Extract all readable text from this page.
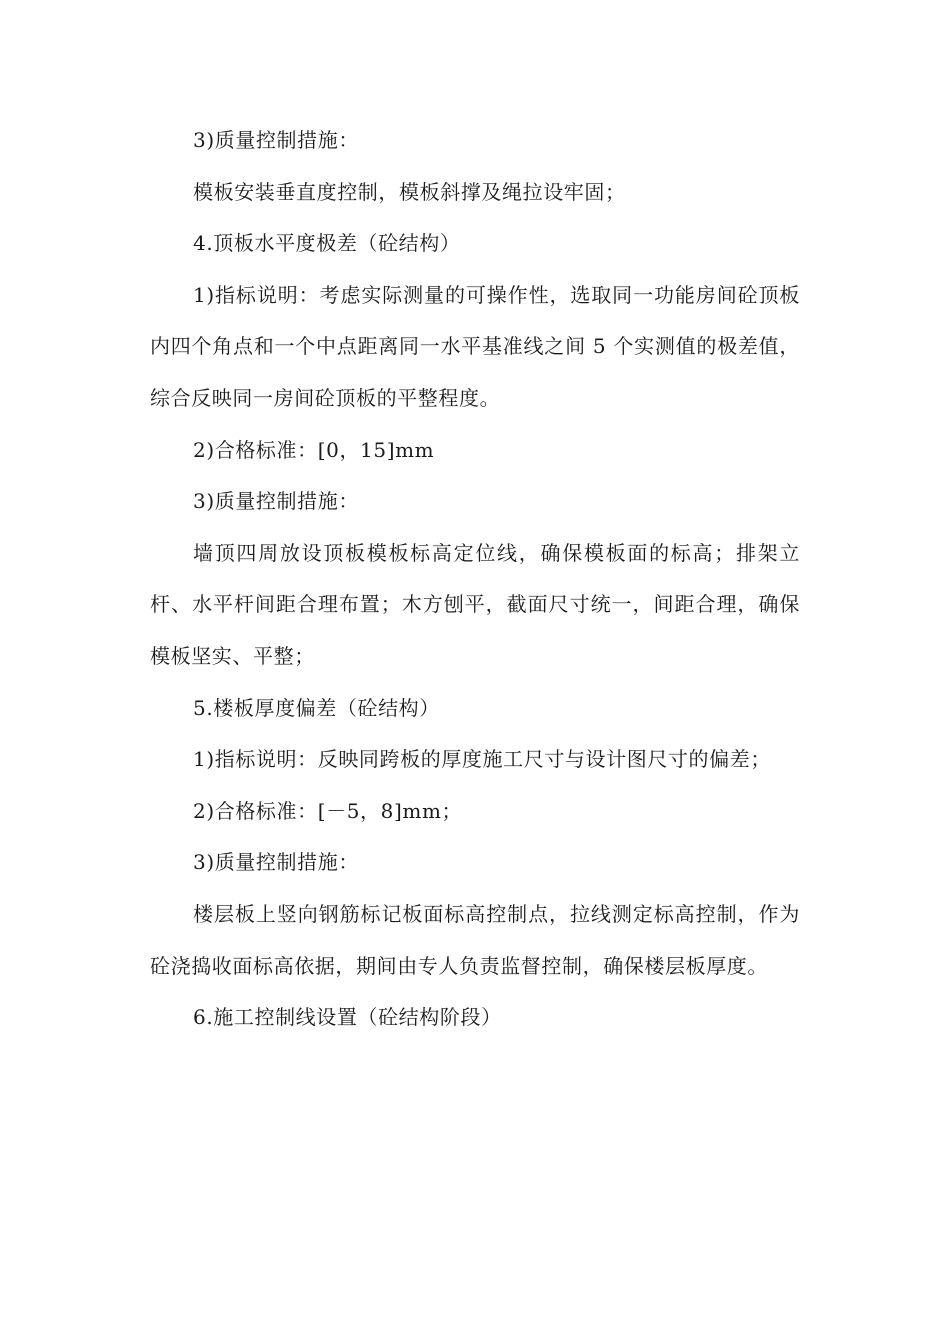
3)质量控制措施：

模板安装垂直度控制，模板斜撑及绳拉设牢固；

4.顶板水平度极差（砼结构）

1)指标说明：考虑实际测量的可操作性，选取同一功能房间砼顶板内四个角点和一个中点距离同一水平基准线之间 5 个实测值的极差值，综合反映同一房间砼顶板的平整程度。

2)合格标准：[0，15]mm

3)质量控制措施：

墙顶四周放设顶板模板标高定位线，确保模板面的标高；排架立杆、水平杆间距合理布置；木方刨平，截面尺寸统一，间距合理，确保模板坚实、平整；

5.楼板厚度偏差（砼结构）

1)指标说明：反映同跨板的厚度施工尺寸与设计图尺寸的偏差；

2)合格标准：[－5，8]mm；

3)质量控制措施：

楼层板上竖向钢筋标记板面标高控制点，拉线测定标高控制，作为砼浇捣收面标高依据，期间由专人负责监督控制，确保楼层板厚度。

6.施工控制线设置（砼结构阶段）
